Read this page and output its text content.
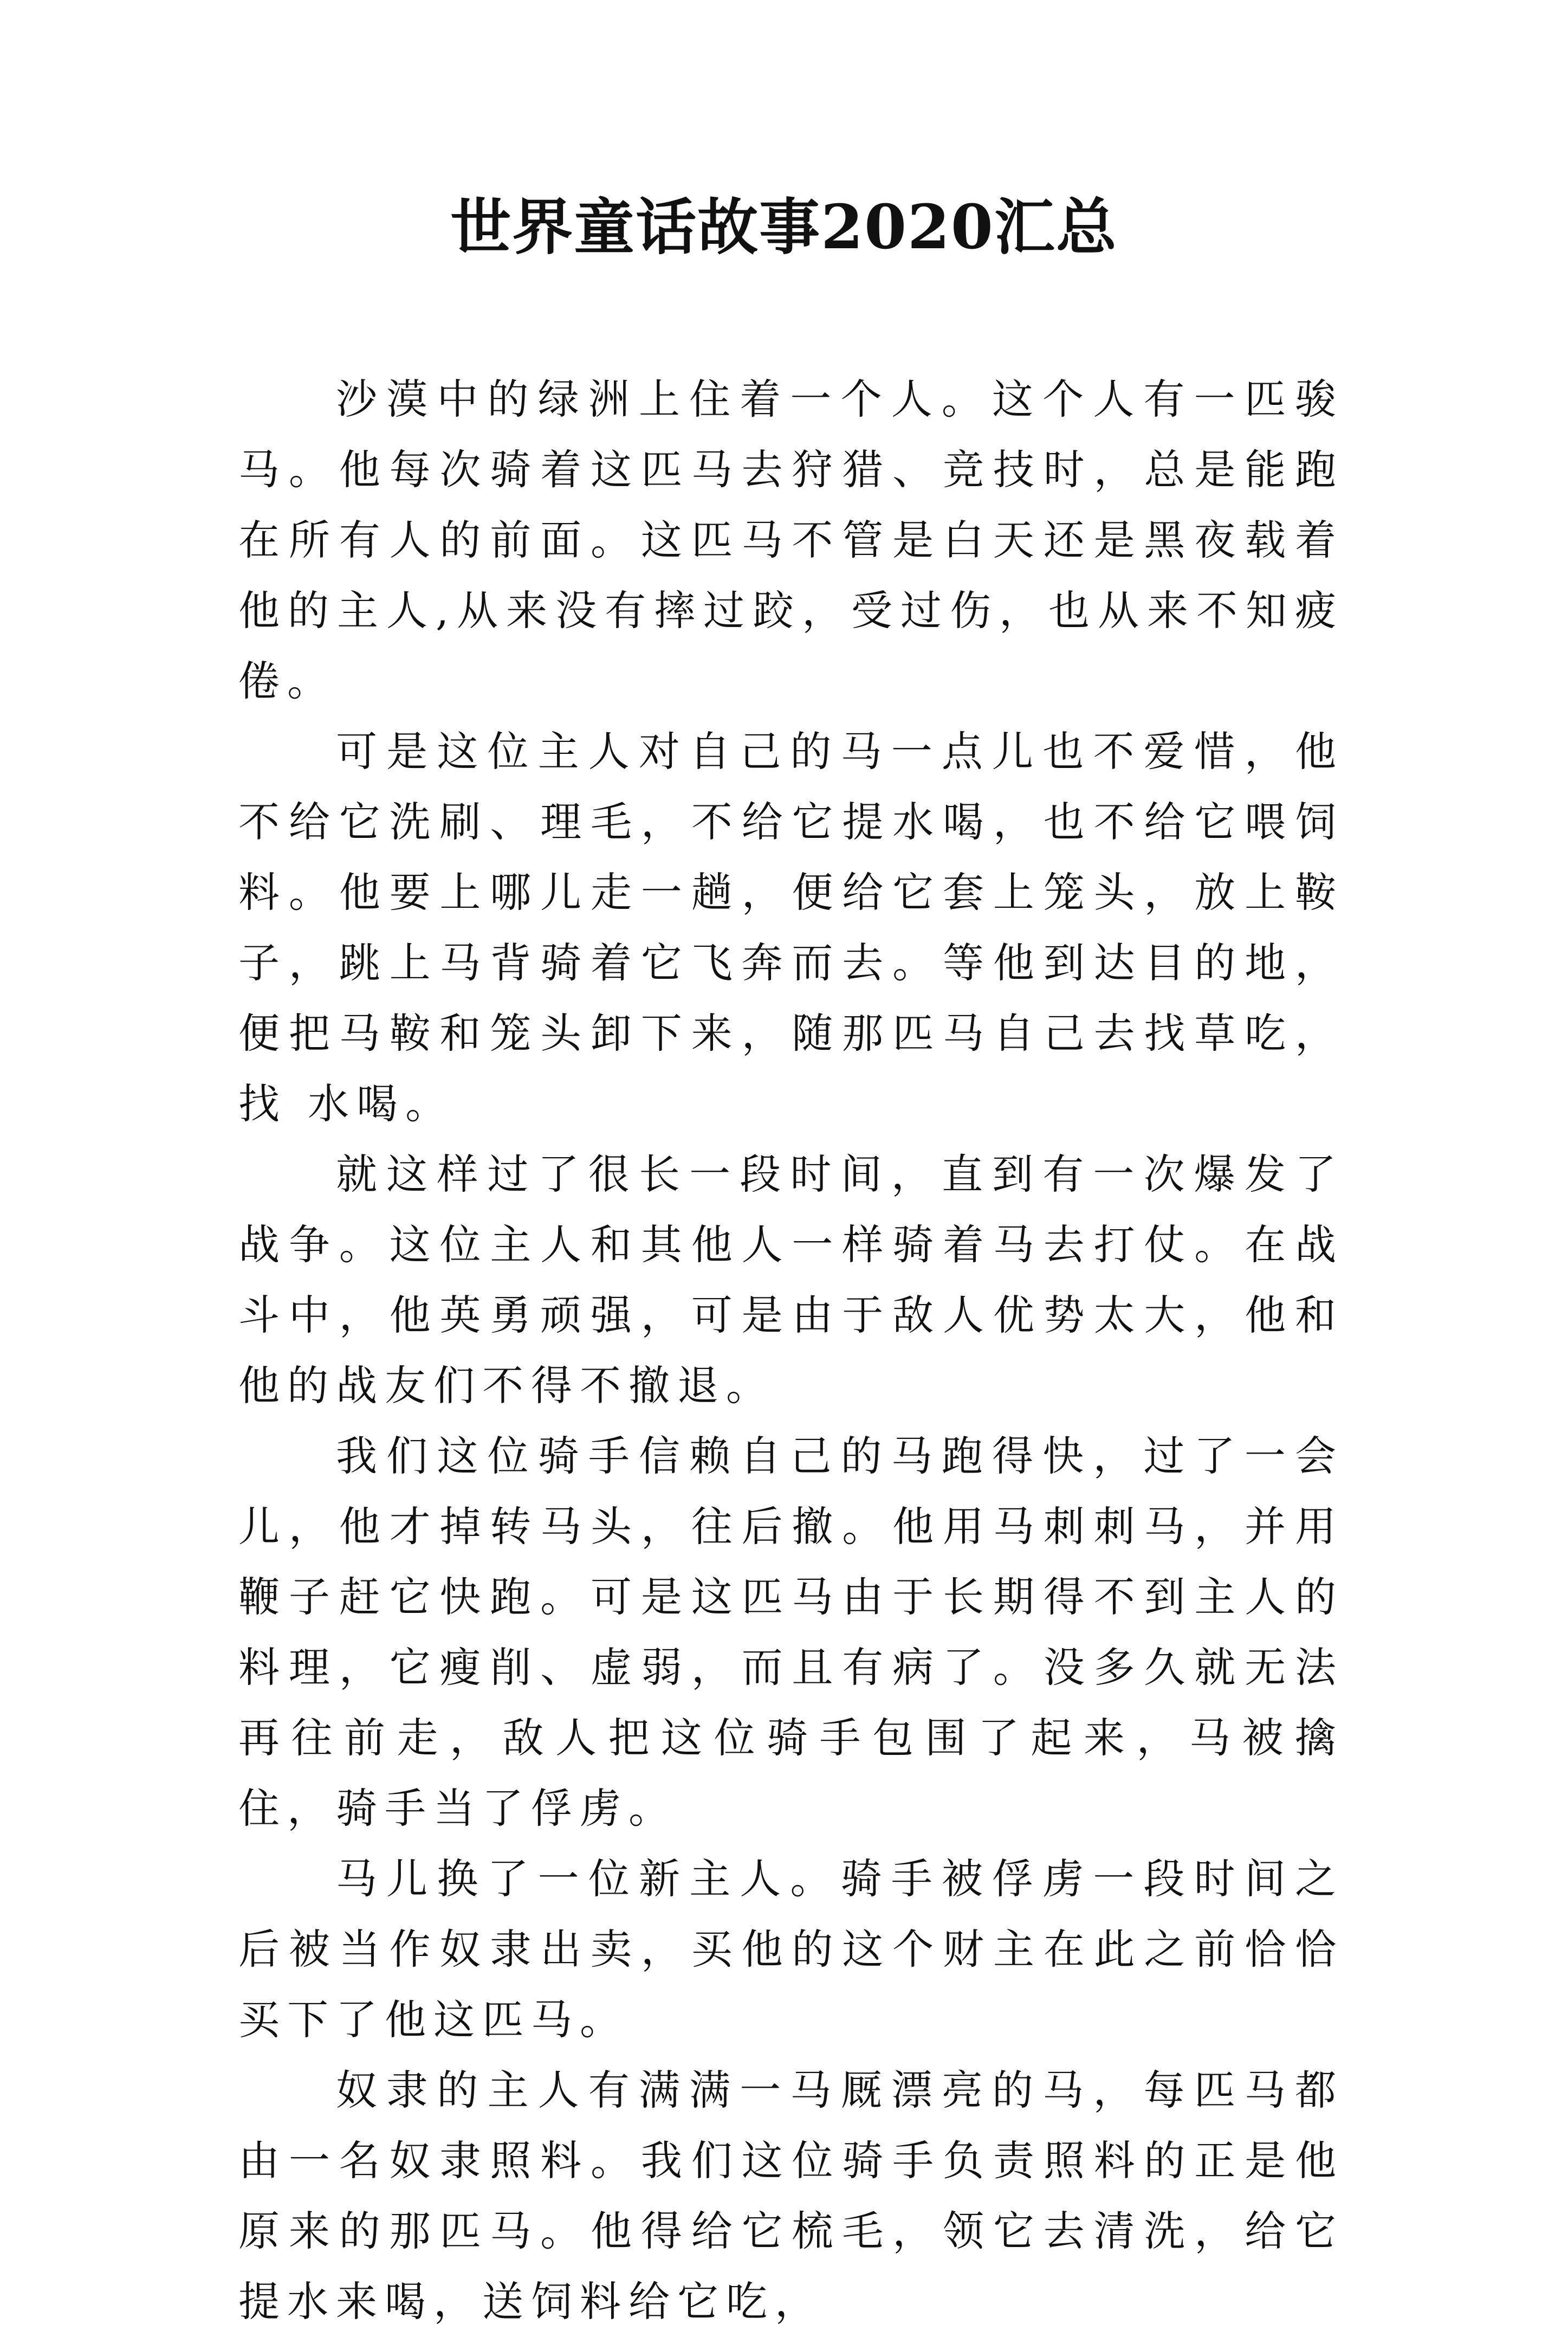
世界童话故事2020汇总

沙漠中的绿洲上住着一个人。这个人有一匹骏马。他每次骑着这匹马去狩猎、竞技时，总是能跑在所有人的前面。这匹马不管是白天还是黑夜载着他的主人,从来没有摔过跤，受过伤，也从来不知疲倦。

可是这位主人对自己的马一点儿也不爱惜，他不给它洗刷、理毛，不给它提水喝，也不给它喂饲料。他要上哪儿走一趟，便给它套上笼头，放上鞍子，跳上马背骑着它飞奔而去。等他到达目的地，便把马鞍和笼头卸下来，随那匹马自己去找草吃，找 水喝。

就这样过了很长一段时间，直到有一次爆发了战争。这位主人和其他人一样骑着马去打仗。在战斗中，他英勇顽强，可是由于敌人优势太大，他和他的战友们不得不撤退。

我们这位骑手信赖自己的马跑得快，过了一会儿，他才掉转马头，往后撤。他用马刺刺马，并用鞭子赶它快跑。可是这匹马由于长期得不到主人的料理，它瘦削、虚弱，而且有病了。没多久就无法再往前走，敌人把这位骑手包围了起来，马被擒住，骑手当了俘虏。

马儿换了一位新主人。骑手被俘虏一段时间之后被当作奴隶出卖，买他的这个财主在此之前恰恰买下了他这匹马。

奴隶的主人有满满一马厩漂亮的马，每匹马都由一名奴隶照料。我们这位骑手负责照料的正是他原来的那匹马。他得给它梳毛，领它去清洗，给它提水来喝，送饲料给它吃，
